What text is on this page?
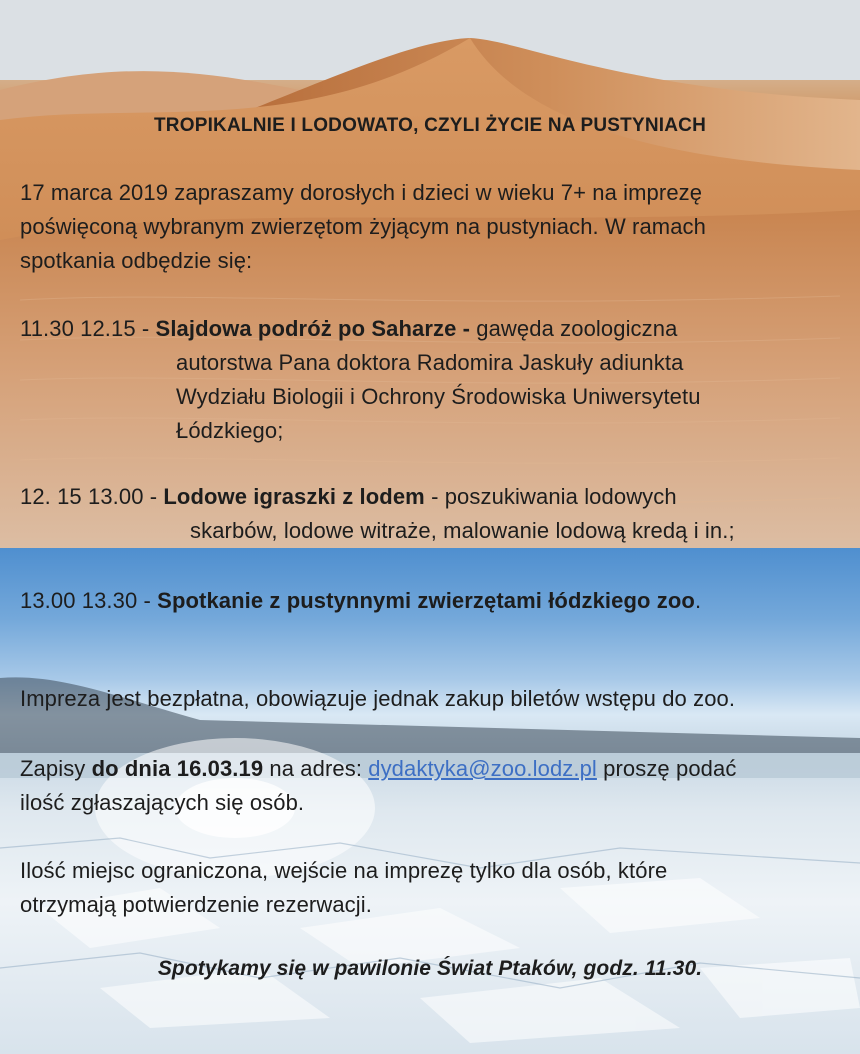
TROPIKALNIE I LODOWATO, CZYLI ŻYCIE NA PUSTYNIACH
17 marca 2019 zapraszamy dorosłych i dzieci w wieku 7+ na imprezę
poświęconą wybranym zwierzętom żyjącym na pustyniach. W ramach
spotkania odbędzie się:
11.30 12.15 - Slajdowa podróż po Saharze - gawęda zoologiczna
autorstwa Pana doktora Radomira Jaskuły adiunkta
Wydziału Biologii i Ochrony Środowiska Uniwersytetu
Łódzkiego;
12. 15 13.00 - Lodowe igraszki z lodem - poszukiwania lodowych
skarbów, lodowe witraże, malowanie lodową kredą i in.;
13.00 13.30 - Spotkanie z pustynnymi zwierzętami łódzkiego zoo.
Impreza jest bezpłatna, obowiązuje jednak zakup biletów wstępu do zoo.
Zapisy do dnia 16.03.19 na adres: dydaktyka@zoo.lodz.pl proszę podać
ilość zgłaszających się osób.
Ilość miejsc ograniczona, wejście na imprezę tylko dla osób, które
otrzymają potwierdzenie rezerwacji.
Spotykamy się w pawilonie Świat Ptaków, godz. 11.30.
